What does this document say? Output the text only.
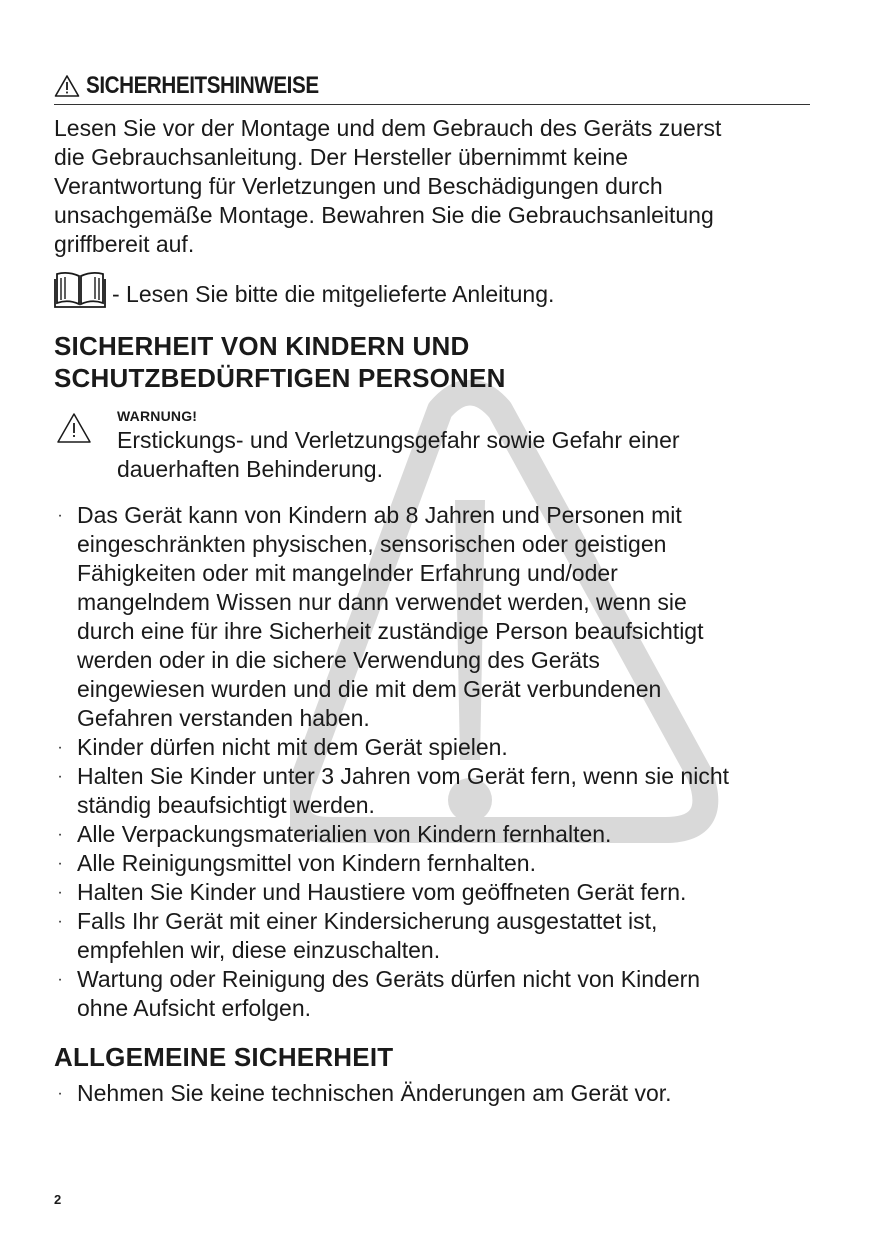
SICHERHEITSHINWEISE

Lesen Sie vor der Montage und dem Gebrauch des Geräts zuerst
die Gebrauchsanleitung. Der Hersteller übernimmt keine
Verantwortung für Verletzungen und Beschädigungen durch
unsachgemäße Montage. Bewahren Sie die Gebrauchsanleitung
griffbereit auf.

- Lesen Sie bitte die mitgelieferte Anleitung.
SICHERHEIT VON KINDERN UND
SCHUTZBEDÜRFTIGEN PERSONEN
WARNUNG!

Erstickungs- und Verletzungsgefahr sowie Gefahr einer
dauerhaften Behinderung.

· Das Gerät kann von Kindern ab 8 Jahren und Personen mit
eingeschränkten physischen, sensorischen oder geistigen
Fähigkeiten oder mit mangelnder Erfahrung und/oder
mangelndem Wissen nur dann verwendet werden, wenn sie
durch eine für ihre Sicherheit zuständige Person beaufsichtigt
werden oder in die sichere Verwendung des Geräts
eingewiesen wurden und die mit dem Gerät verbundenen
Gefahren verstanden haben.
· Kinder dürfen nicht mit dem Gerät spielen.
· Halten Sie Kinder unter 3 Jahren vom Gerät fern, wenn sie nicht
ständig beaufsichtigt werden.
· Alle Verpackungsmaterialien von Kindern fernhalten.
· Alle Reinigungsmittel von Kindern fernhalten.
· Halten Sie Kinder und Haustiere vom geöffneten Gerät fern.
· Falls Ihr Gerät mit einer Kindersicherung ausgestattet ist,
empfehlen wir, diese einzuschalten.
· Wartung oder Reinigung des Geräts dürfen nicht von Kindern
ohne Aufsicht erfolgen.
ALLGEMEINE SICHERHEIT
· Nehmen Sie keine technischen Änderungen am Gerät vor.
2
